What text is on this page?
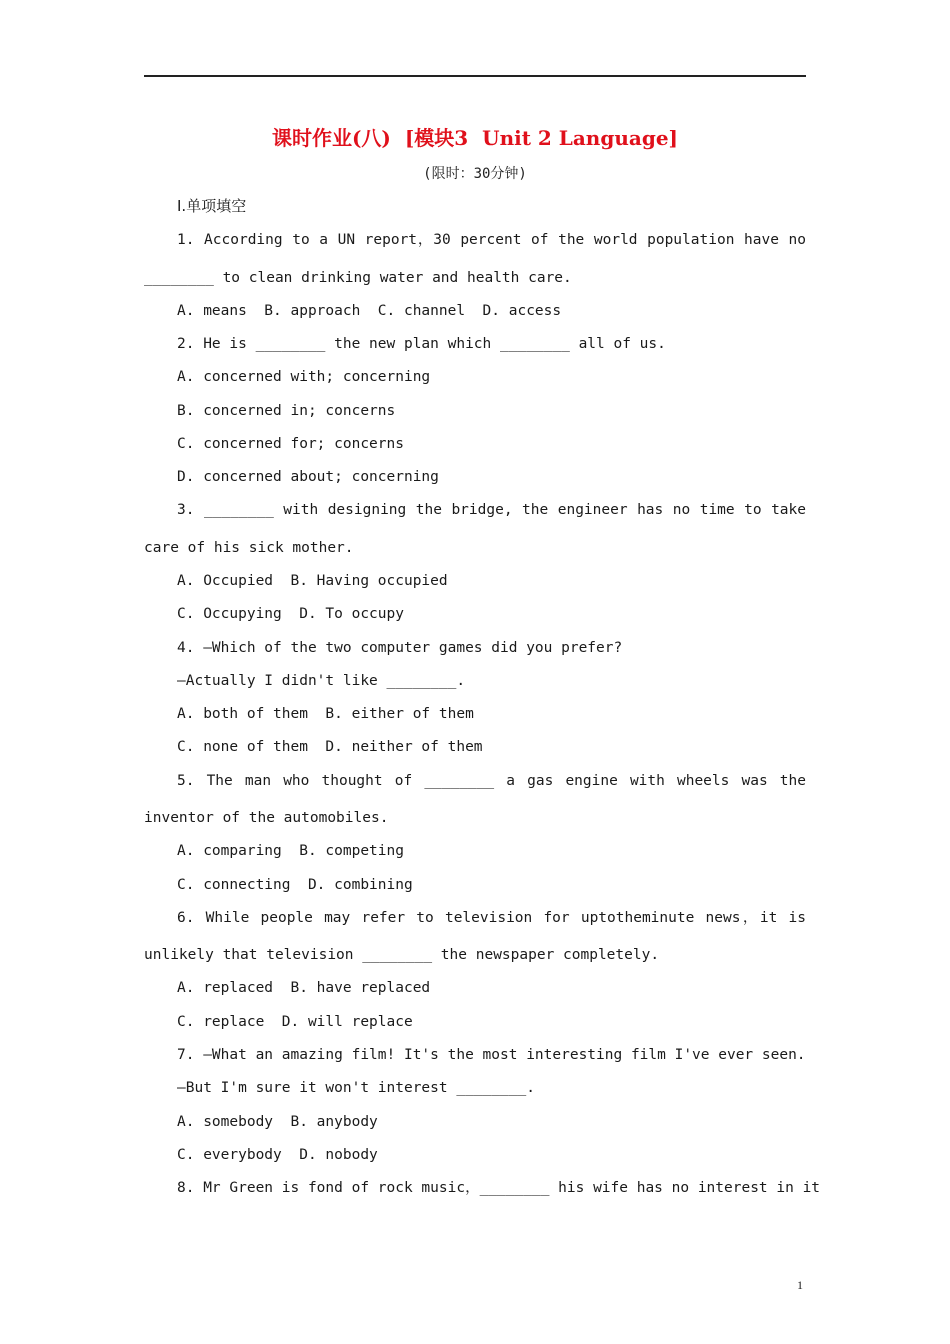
课时作业(八)  [模块3  Unit 2 Language]
(限时：30分钟)
Ⅰ.单项填空
1. According to a UN report，30 percent of the world population have no
________ to clean drinking water and health care.
A. means  B. approach  C. channel  D. access
2. He is ________ the new plan which ________ all of us.
A. concerned with; concerning
B. concerned in; concerns
C. concerned for; concerns
D. concerned about; concerning
3. ________ with designing the bridge, the engineer has no time to take
care of his sick mother.
A. Occupied  B. Having occupied
C. Occupying  D. To occupy
4. —Which of the two computer games did you prefer?
—Actually I didn't like ________.
A. both of them  B. either of them
C. none of them  D. neither of them
5. The man who thought of ________ a gas engine with wheels was the
inventor of the automobiles.
A. comparing  B. competing
C. connecting  D. combining
6. While people may refer to television for uptotheminute news，it is
unlikely that television ________ the newspaper completely.
A. replaced  B. have replaced
C. replace  D. will replace
7. —What an amazing film! It's the most interesting film I've ever seen.
—But I'm sure it won't interest ________.
A. somebody  B. anybody
C. everybody  D. nobody
8. Mr Green is fond of rock music，________ his wife has no interest in it
1
